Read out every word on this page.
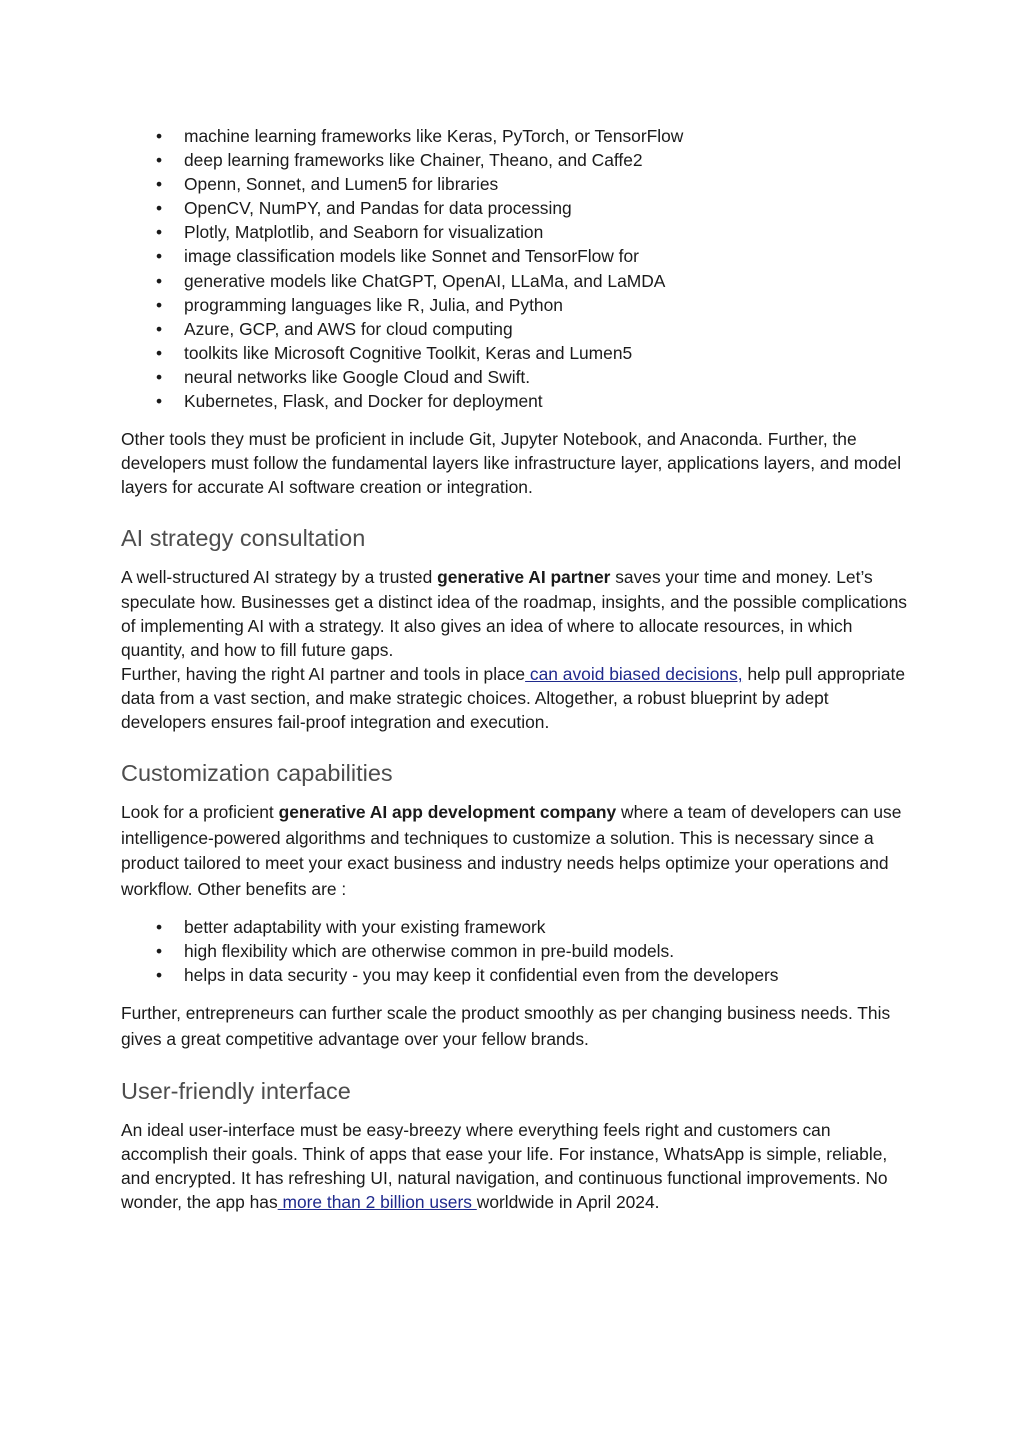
• machine learning frameworks like Keras, PyTorch, or TensorFlow
• deep learning frameworks like Chainer, Theano, and Caffe2
• Openn, Sonnet, and Lumen5 for libraries
• OpenCV, NumPY, and Pandas for data processing
• Plotly, Matplotlib, and Seaborn for visualization
• image classification models like Sonnet and TensorFlow for
• generative models like ChatGPT, OpenAI, LLaMa, and LaMDA
• programming languages like R, Julia, and Python
• Azure, GCP, and AWS for cloud computing
• toolkits like Microsoft Cognitive Toolkit, Keras and Lumen5
• neural networks like Google Cloud and Swift.
• Kubernetes, Flask, and Docker for deployment

Other tools they must be proficient in include Git, Jupyter Notebook, and Anaconda. Further, the developers must follow the fundamental layers like infrastructure layer, applications layers, and model layers for accurate AI software creation or integration.

AI strategy consultation

A well-structured AI strategy by a trusted generative AI partner saves your time and money. Let’s speculate how. Businesses get a distinct idea of the roadmap, insights, and the possible complications of implementing AI with a strategy. It also gives an idea of where to allocate resources, in which quantity, and how to fill future gaps.

Further, having the right AI partner and tools in place can avoid biased decisions, help pull appropriate data from a vast section, and make strategic choices. Altogether, a robust blueprint by adept developers ensures fail-proof integration and execution.

Customization capabilities

Look for a proficient generative AI app development company where a team of developers can use intelligence-powered algorithms and techniques to customize a solution. This is necessary since a product tailored to meet your exact business and industry needs helps optimize your operations and workflow. Other benefits are :

• better adaptability with your existing framework
• high flexibility which are otherwise common in pre-build models.
• helps in data security - you may keep it confidential even from the developers

Further, entrepreneurs can further scale the product smoothly as per changing business needs. This gives a great competitive advantage over your fellow brands.

User-friendly interface

An ideal user-interface must be easy-breezy where everything feels right and customers can accomplish their goals. Think of apps that ease your life. For instance, WhatsApp is simple, reliable, and encrypted. It has refreshing UI, natural navigation, and continuous functional improvements. No wonder, the app has more than 2 billion users worldwide in April 2024.
